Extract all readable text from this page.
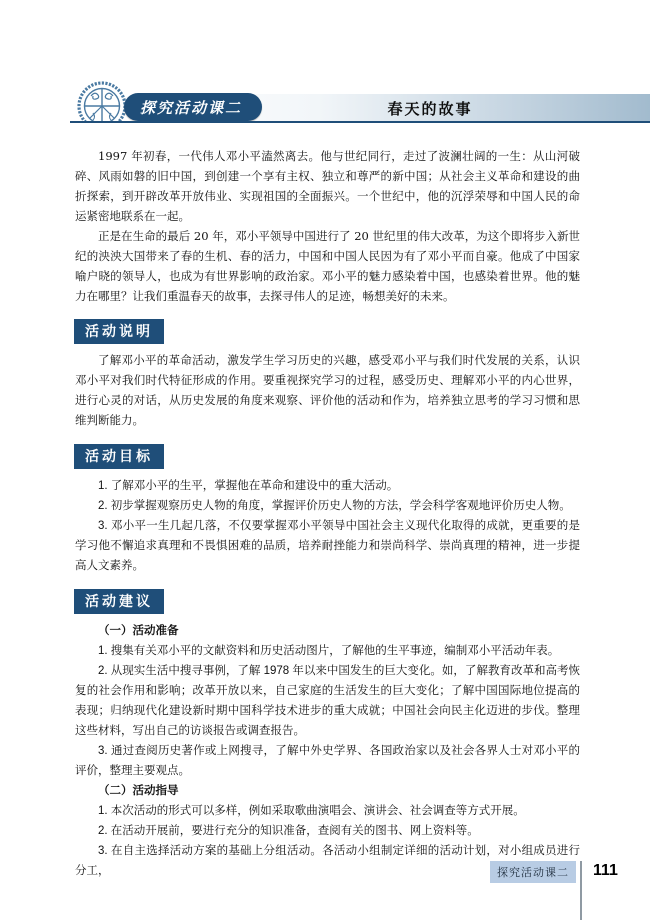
探究活动课二	春天的故事

1997 年初春，一代伟人邓小平溘然离去。他与世纪同行，走过了波澜壮阔的一生：从山河破碎、风雨如磐的旧中国，到创建一个享有主权、独立和尊严的新中国；从社会主义革命和建设的曲折探索，到开辟改革开放伟业、实现祖国的全面振兴。一个世纪中，他的沉浮荣辱和中国人民的命运紧密地联系在一起。

正是在生命的最后 20 年，邓小平领导中国进行了 20 世纪里的伟大改革，为这个即将步入新世纪的泱泱大国带来了春的生机、春的活力，中国和中国人民因为有了邓小平而自豪。他成了中国家喻户晓的领导人，也成为有世界影响的政治家。邓小平的魅力感染着中国，也感染着世界。他的魅力在哪里？让我们重温春天的故事，去探寻伟人的足迹，畅想美好的未来。

活动说明

了解邓小平的革命活动，激发学生学习历史的兴趣，感受邓小平与我们时代发展的关系，认识邓小平对我们时代特征形成的作用。要重视探究学习的过程，感受历史、理解邓小平的内心世界，进行心灵的对话，从历史发展的角度来观察、评价他的活动和作为，培养独立思考的学习习惯和思维判断能力。

活动目标

1. 了解邓小平的生平，掌握他在革命和建设中的重大活动。

2. 初步掌握观察历史人物的角度，掌握评价历史人物的方法，学会科学客观地评价历史人物。

3. 邓小平一生几起几落，不仅要掌握邓小平领导中国社会主义现代化取得的成就，更重要的是学习他不懈追求真理和不畏惧困难的品质，培养耐挫能力和崇尚科学、崇尚真理的精神，进一步提高人文素养。

活动建议

（一）活动准备

1. 搜集有关邓小平的文献资料和历史活动图片，了解他的生平事迹，编制邓小平活动年表。

2. 从现实生活中搜寻事例，了解 1978 年以来中国发生的巨大变化。如，了解教育改革和高考恢复的社会作用和影响；改革开放以来，自己家庭的生活发生的巨大变化；了解中国国际地位提高的表现；归纳现代化建设新时期中国科学技术进步的重大成就；中国社会向民主化迈进的步伐。整理这些材料，写出自己的访谈报告或调查报告。

3. 通过查阅历史著作或上网搜寻，了解中外史学界、各国政治家以及社会各界人士对邓小平的评价，整理主要观点。

（二）活动指导

1. 本次活动的形式可以多样，例如采取歌曲演唱会、演讲会、社会调查等方式开展。

2. 在活动开展前，要进行充分的知识准备，查阅有关的图书、网上资料等。

3. 在自主选择活动方案的基础上分组活动。各活动小组制定详细的活动计划，对小组成员进行分工，	探究活动课二	111
